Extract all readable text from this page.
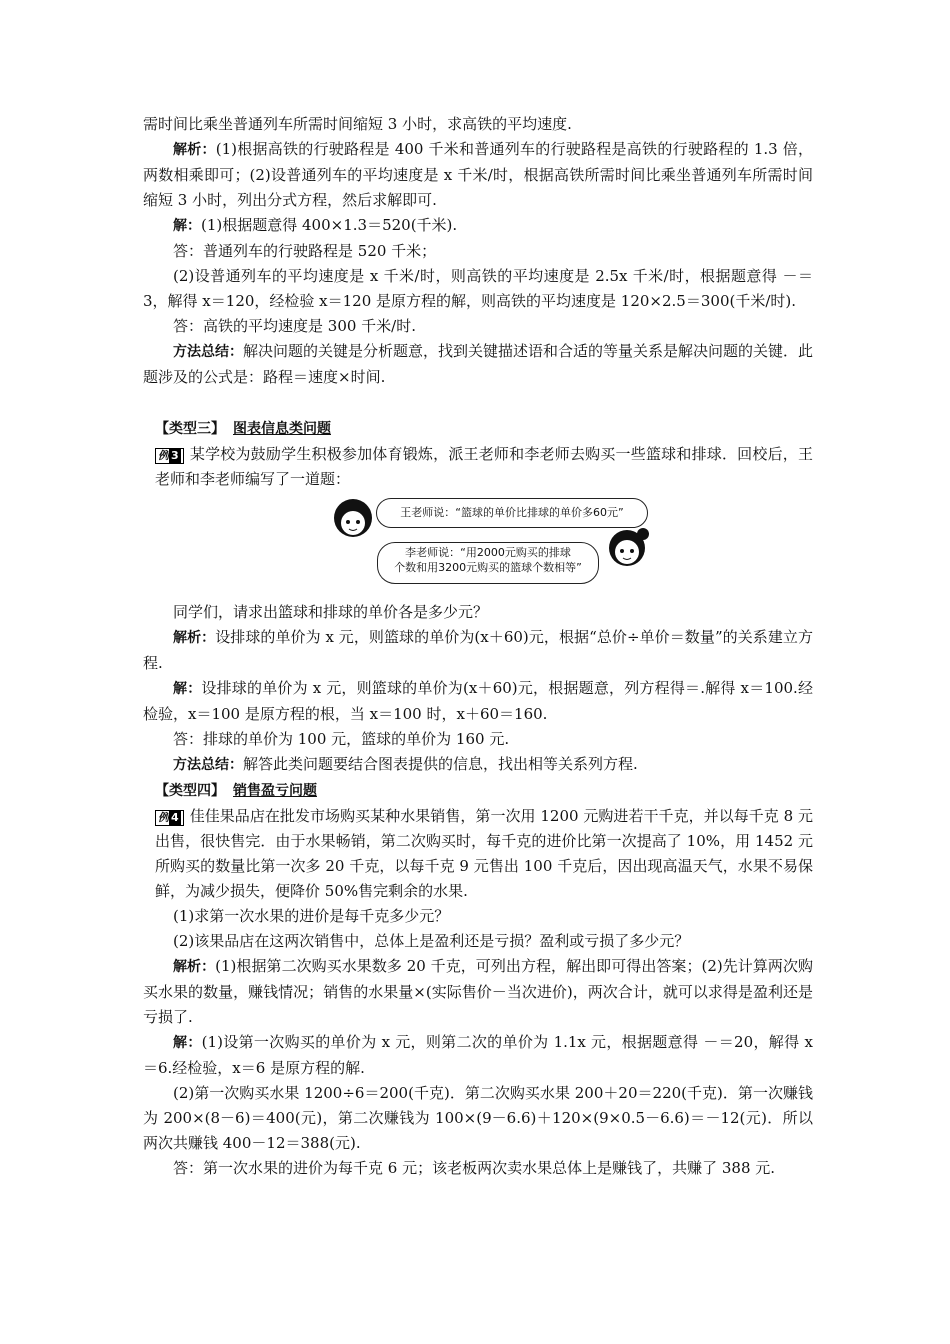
需时间比乘坐普通列车所需时间缩短 3 小时，求高铁的平均速度.

解析：(1)根据高铁的行驶路程是 400 千米和普通列车的行驶路程是高铁的行驶路程的 1.3 倍，两数相乘即可；(2)设普通列车的平均速度是 x 千米/时，根据高铁所需时间比乘坐普通列车所需时间缩短 3 小时，列出分式方程，然后求解即可.

解：(1)根据题意得 400×1.3＝520(千米).

答：普通列车的行驶路程是 520 千米；

(2)设普通列车的平均速度是 x 千米/时，则高铁的平均速度是 2.5x 千米/时，根据题意得 －＝3，解得 x＝120，经检验 x＝120 是原方程的解，则高铁的平均速度是 120×2.5＝300(千米/时).

答：高铁的平均速度是 300 千米/时.

方法总结：解决问题的关键是分析题意，找到关键描述语和合适的等量关系是解决问题的关键．此题涉及的公式是：路程＝速度×时间.

【类型三】 图表信息类问题

例 3 某学校为鼓励学生积极参加体育锻炼，派王老师和李老师去购买一些篮球和排球．回校后，王老师和李老师编写了一道题：

王老师说：“篮球的单价比排球的单价多60元”
李老师说：“用2000元购买的排球
个数和用3200元购买的篮球个数相等”

同学们，请求出篮球和排球的单价各是多少元？

解析：设排球的单价为 x 元，则篮球的单价为(x＋60)元，根据“总价÷单价＝数量”的关系建立方程.

解：设排球的单价为 x 元，则篮球的单价为(x＋60)元，根据题意，列方程得＝.解得 x＝100.经检验，x＝100 是原方程的根，当 x＝100 时，x＋60＝160.

答：排球的单价为 100 元，篮球的单价为 160 元.

方法总结：解答此类问题要结合图表提供的信息，找出相等关系列方程.

【类型四】 销售盈亏问题

例 4 佳佳果品店在批发市场购买某种水果销售，第一次用 1200 元购进若干千克，并以每千克 8 元出售，很快售完．由于水果畅销，第二次购买时，每千克的进价比第一次提高了 10%，用 1452 元所购买的数量比第一次多 20 千克，以每千克 9 元售出 100 千克后，因出现高温天气，水果不易保鲜，为减少损失，便降价 50%售完剩余的水果.

(1)求第一次水果的进价是每千克多少元？

(2)该果品店在这两次销售中，总体上是盈利还是亏损？盈利或亏损了多少元？

解析：(1)根据第二次购买水果数多 20 千克，可列出方程，解出即可得出答案；(2)先计算两次购买水果的数量，赚钱情况；销售的水果量×(实际售价－当次进价)，两次合计，就可以求得是盈利还是亏损了.

解：(1)设第一次购买的单价为 x 元，则第二次的单价为 1.1x 元，根据题意得 －＝20，解得 x＝6.经检验，x＝6 是原方程的解.

(2)第一次购买水果 1200÷6＝200(千克)．第二次购买水果 200＋20＝220(千克)．第一次赚钱为 200×(8－6)＝400(元)，第二次赚钱为 100×(9－6.6)＋120×(9×0.5－6.6)＝－12(元)．所以两次共赚钱 400－12＝388(元).

答：第一次水果的进价为每千克 6 元；该老板两次卖水果总体上是赚钱了，共赚了 388 元.
